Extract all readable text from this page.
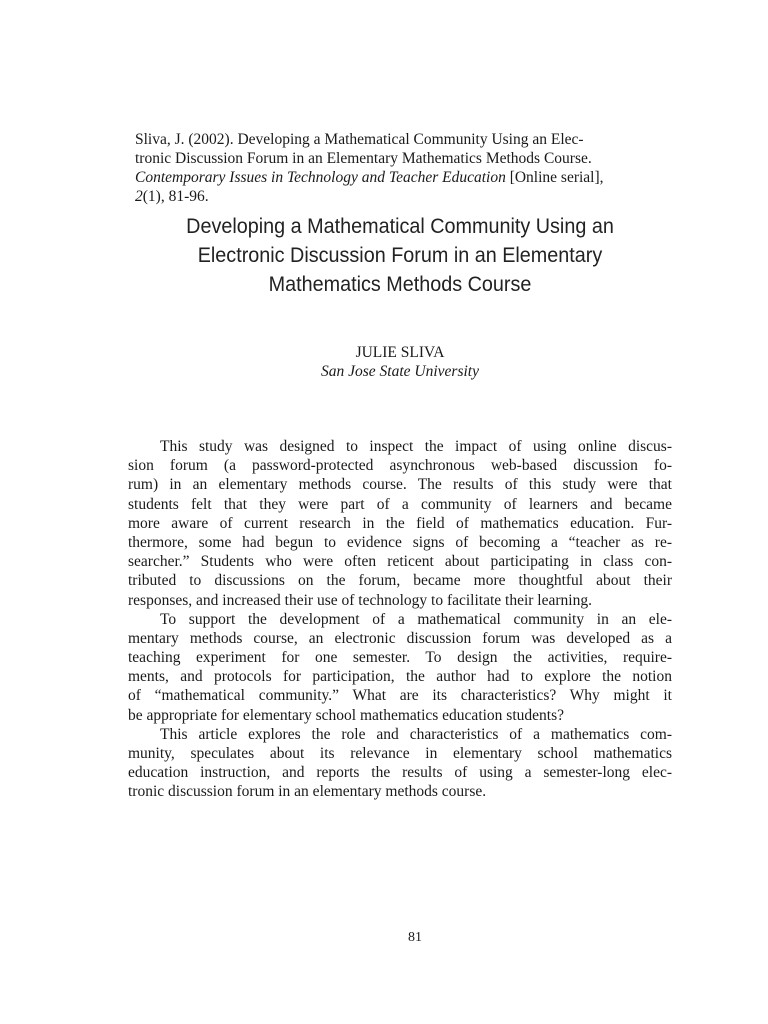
Sliva, J. (2002). Developing a Mathematical Community Using an Elec-
tronic Discussion Forum in an Elementary Mathematics Methods Course.
Contemporary Issues in Technology and Teacher Education [Online serial],
2(1), 81-96.
Developing a Mathematical Community Using an
Electronic Discussion Forum in an Elementary
Mathematics Methods Course
JULIE SLIVA
San Jose State University
This study was designed to inspect the impact of using online discus-
sion forum (a password-protected asynchronous web-based discussion fo-
rum) in an elementary methods course. The results of this study were that
students felt that they were part of a community of learners and became
more aware of current research in the field of mathematics education. Fur-
thermore, some had begun to evidence signs of becoming a “teacher as re-
searcher.” Students who were often reticent about participating in class con-
tributed to discussions on the forum, became more thoughtful about their
responses, and increased their use of technology to facilitate their learning.
To support the development of a mathematical community in an ele-
mentary methods course, an electronic discussion forum was developed as a
teaching experiment for one semester. To design the activities, require-
ments, and protocols for participation, the author had to explore the notion
of “mathematical community.” What are its characteristics? Why might it
be appropriate for elementary school mathematics education students?
This article explores the role and characteristics of a mathematics com-
munity, speculates about its relevance in elementary school mathematics
education instruction, and reports the results of using a semester-long elec-
tronic discussion forum in an elementary methods course.
81
